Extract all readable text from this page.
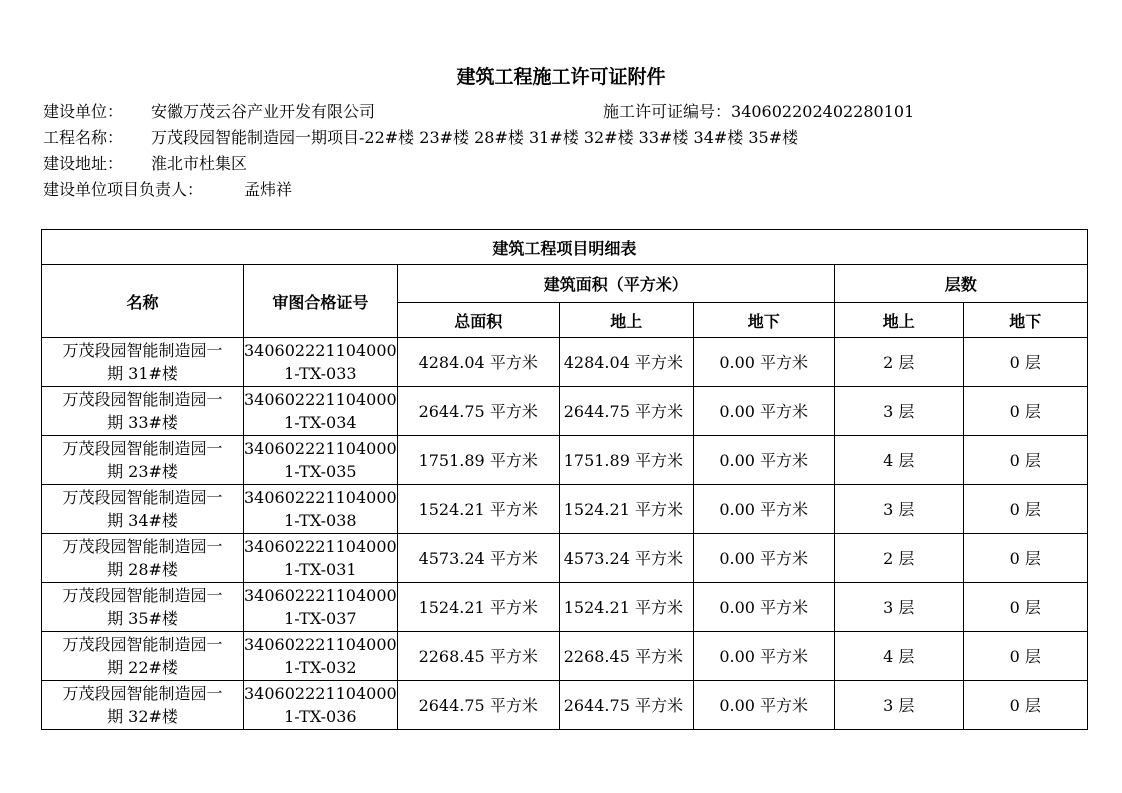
建筑工程施工许可证附件
建设单位： 安徽万茂云谷产业开发有限公司	施工许可证编号：340602202402280101
工程名称： 万茂段园智能制造园一期项目-22#楼 23#楼 28#楼 31#楼 32#楼 33#楼 34#楼 35#楼
建设地址： 淮北市杜集区
建设单位项目负责人：	孟炜祥
建筑工程项目明细表						
名称	审图合格证号	建筑面积（平方米）			层数	
		总面积	地上	地下	地上	地下
万茂段园智能制造园一
期 31#楼	340602221104000
1-TX-033	4284.04 平方米	4284.04 平方米	0.00 平方米	2 层	0 层
万茂段园智能制造园一
期 33#楼	340602221104000
1-TX-034	2644.75 平方米	2644.75 平方米	0.00 平方米	3 层	0 层
万茂段园智能制造园一
期 23#楼	340602221104000
1-TX-035	1751.89 平方米	1751.89 平方米	0.00 平方米	4 层	0 层
万茂段园智能制造园一
期 34#楼	340602221104000
1-TX-038	1524.21 平方米	1524.21 平方米	0.00 平方米	3 层	0 层
万茂段园智能制造园一
期 28#楼	340602221104000
1-TX-031	4573.24 平方米	4573.24 平方米	0.00 平方米	2 层	0 层
万茂段园智能制造园一
期 35#楼	340602221104000
1-TX-037	1524.21 平方米	1524.21 平方米	0.00 平方米	3 层	0 层
万茂段园智能制造园一
期 22#楼	340602221104000
1-TX-032	2268.45 平方米	2268.45 平方米	0.00 平方米	4 层	0 层
万茂段园智能制造园一
期 32#楼	340602221104000
1-TX-036	2644.75 平方米	2644.75 平方米	0.00 平方米	3 层	0 层
